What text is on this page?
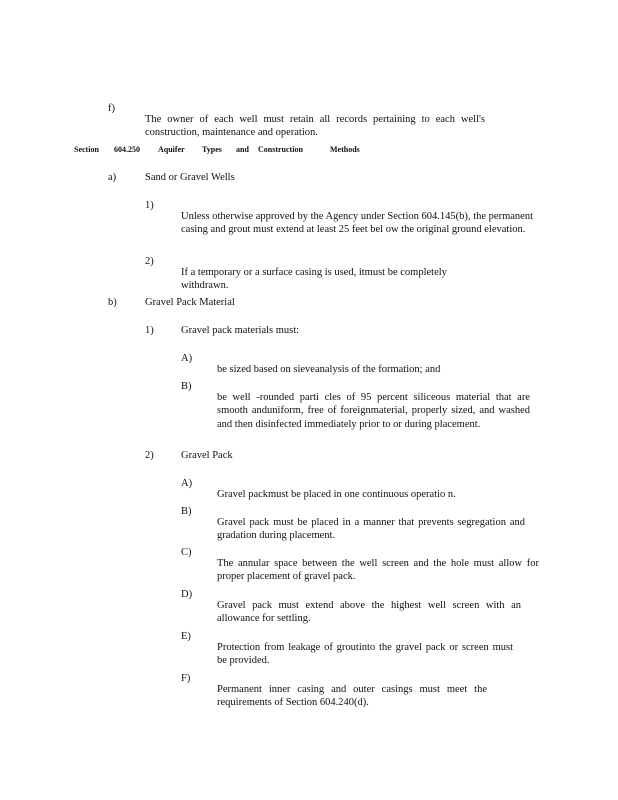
f)

The owner of each well must retain all records pertaining to each well's construction, maintenance and operation.

Section 604.250 Aquifer Types and Construction	Methods
a)	Sand or Gravel Wells
1)

Unless otherwise approved by the Agency under Section 604.145(b), the permanent casing and grout must extend at least 25 feet bel ow the original ground elevation.

2)

If a temporary or a surface casing is used, itmust be completely withdrawn.

b)	Gravel Pack Material
1)	Gravel pack materials must:
A)

be sized based on sieveanalysis of the formation; and

B)

be well -rounded parti cles of 95 percent siliceous material that are smooth anduniform, free of foreignmaterial, properly sized, and washed and then disinfected immediately prior to or during placement.

2)	Gravel Pack
A)

Gravel packmust be placed in one continuous operatio n.

B)

Gravel pack must be placed in a manner that prevents segregation and gradation during placement.

C)

The annular space between the well screen and the hole must allow for proper placement of gravel pack.

D)

Gravel pack must extend above the highest well screen with an allowance for settling.

E)

Protection from leakage of groutinto the gravel pack or screen must be provided.

F)

Permanent inner casing and outer casings must meet the requirements of Section 604.240(d).
